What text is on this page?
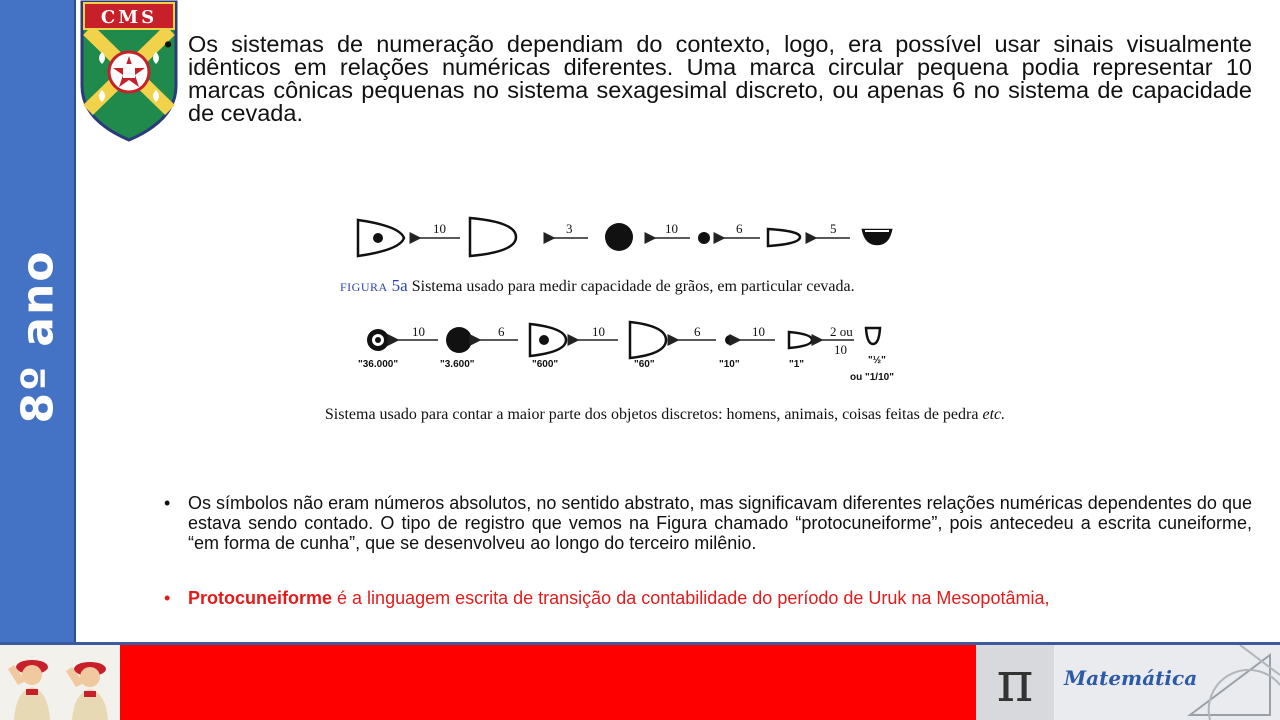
8º ano
CMS
• Os sistemas de numeração dependiam do contexto, logo, era possível usar sinais visualmente idênticos em relações numéricas diferentes. Uma marca circular pequena podia representar 10 marcas cônicas pequenas no sistema sexagesimal discreto, ou apenas 6 no sistema de capacidade de cevada.
10	3	10	6	5
10	6	10	6	10	2 ou
10
"36.000"	"3.600"	"600"	"60"	"10"	"1"	"½"
ou "1/10"
FIGURA 5a Sistema usado para medir capacidade de grãos, em particular cevada.
Sistema usado para contar a maior parte dos objetos discretos: homens, animais, coisas feitas de pedra etc.
• Os símbolos não eram números absolutos, no sentido abstrato, mas significavam diferentes relações numéricas dependentes do que estava sendo contado. O tipo de registro que vemos na Figura chamado “protocuneiforme”, pois antecedeu a escrita cuneiforme, “em forma de cunha”, que se desenvolveu ao longo do terceiro milênio.
• Protocuneiforme é a linguagem escrita de transição da contabilidade do período de Uruk na Mesopotâmia,
π Matemática
